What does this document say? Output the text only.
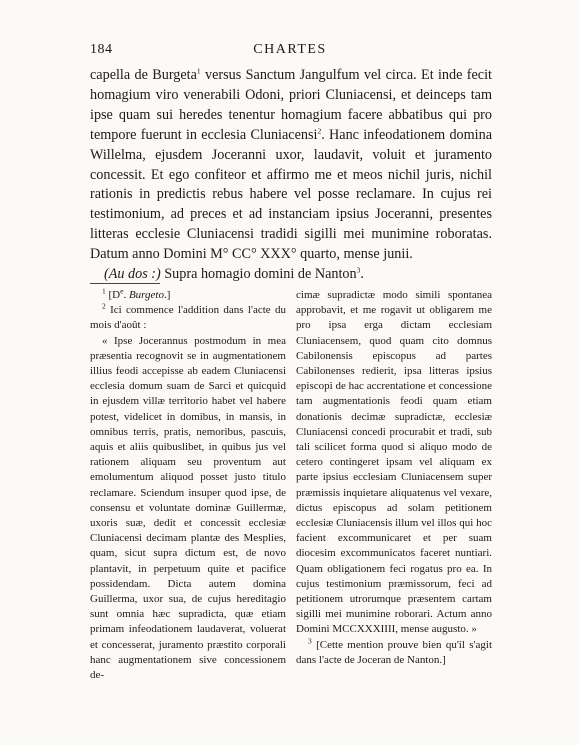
184	CHARTES

capella de Burgeta$^1$ versus Sanctum Jangulfum vel circa. Et inde fecit homagium viro venerabili Odoni, priori Cluniacensi, et deinceps tam ipse quam sui heredes tenentur homagium facere abbatibus qui pro tempore fuerunt in ecclesia Cluniacensi$^2$. Hanc infeodationem domina Willelma, ejusdem Joceranni uxor, laudavit, voluit et juramento concessit. Et ego confiteor et affirmo me et meos nichil juris, nichil rationis in predictis rebus habere vel posse reclamare. In cujus rei testimonium, ad preces et ad instanciam ipsius Joceranni, presentes litteras ecclesie Cluniacensi tradidi sigilli mei munimine roboratas. Datum anno Domini M° CC° XXX° quarto, mense junii.

(Au dos :) Supra homagio domini de Nanton$^3$.

$^1$ [De. Burgeto.]

$^2$ Ici commence l'addition dans l'acte du mois d'août :

« Ipse Jocerannus postmodum in mea præsentia recognovit se in augmentationem illius feodi accepisse ab eadem Cluniacensi ecclesia domum suam de Sarci et quicquid in ejusdem villæ territorio habet vel habere potest, videlicet in domibus, in mansis, in omnibus terris, pratis, nemoribus, pascuis, aquis et aliis quibuslibet, in quibus jus vel rationem aliquam seu proventum aut emolumentum aliquod posset justo titulo reclamare. Sciendum insuper quod ipse, de consensu et voluntate dominæ Guillermæ, uxoris suæ, dedit et concessit ecclesiæ Cluniacensi decimam plantæ des Mesplies, quam, sicut supra dictum est, de novo plantavit, in perpetuum quite et pacifice possidendam. Dicta autem domina Guillerma, uxor sua, de cujus hereditagio sunt omnia hæc supradicta, quæ etiam primam infeodationem laudaverat, voluerat et concesserat, juramento præstito corporali hanc augmentationem sive concessionem de-

cimæ supradictæ modo simili spontanea approbavit, et me rogavit ut obligarem me pro ipsa erga dictam ecclesiam Cluniacensem, quod quam cito domnus Cabilonensis episcopus ad partes Cabilonenses redierit, ipsa litteras ipsius episcopi de hac accrentatione et concessione tam augmentationis feodi quam etiam donationis decimæ supradictæ, ecclesiæ Cluniacensi concedi procurabit et tradi, sub tali scilicet forma quod si aliquo modo de cetero contingeret ipsam vel aliquam ex parte ipsius ecclesiam Cluniacensem super præmissis inquietare aliquatenus vel vexare, dictus episcopus ad solam petitionem ecclesiæ Cluniacensis illum vel illos qui hoc facient excommunicaret et per suam diocesim excommunicatos faceret nuntiari. Quam obligationem feci rogatus pro ea. In cujus testimonium præmissorum, feci ad petitionem utrorumque præsentem cartam sigilli mei munimine roborari. Actum anno Domini MCCXXXIIII, mense augusto. »

$^3$ [Cette mention prouve bien qu'il s'agit dans l'acte de Joceran de Nanton.]
